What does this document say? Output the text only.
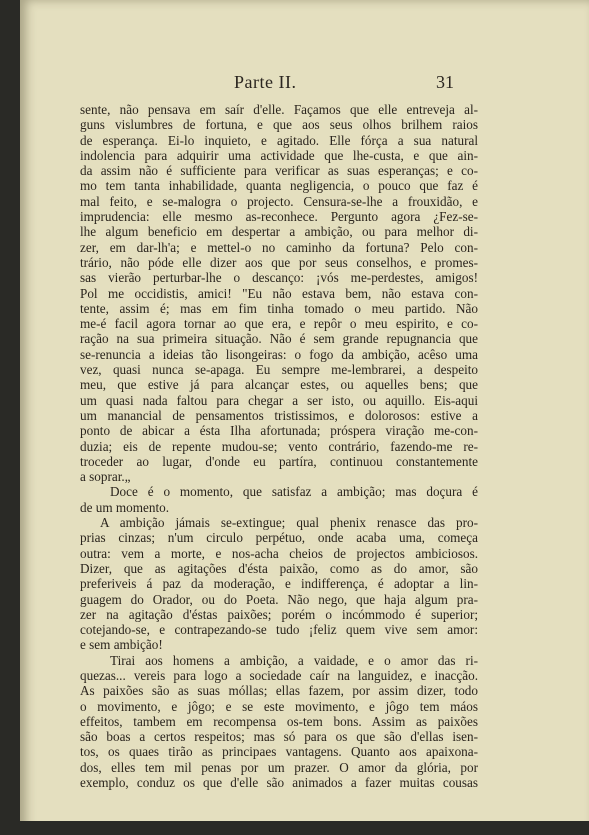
Parte II.	31
sente, não pensava em saír d'elle. Façamos que elle entreveja al-
guns vislumbres de fortuna, e que aos seus olhos brilhem raios
de esperança. Ei-lo inquieto, e agitado. Elle fórça a sua natural
indolencia para adquirir uma actividade que lhe-custa, e que ain-
da assim não é sufficiente para verificar as suas esperanças; e co-
mo tem tanta inhabilidade, quanta negligencia, o pouco que faz é
mal feito, e se-malogra o projecto. Censura-se-lhe a frouxidão, e
imprudencia: elle mesmo as-reconhece. Pergunto agora ¿Fez-se-
lhe algum beneficio em despertar a ambição, ou para melhor di-
zer, em dar-lh'a; e mettel-o no caminho da fortuna? Pelo con-
trário, não póde elle dizer aos que por seus conselhos, e promes-
sas vierão perturbar-lhe o descanço: ¡vós me-perdestes, amigos!
Pol me occidistis, amici! "Eu não estava bem, não estava con-
tente, assim é; mas em fim tinha tomado o meu partido. Não
me-é facil agora tornar ao que era, e repôr o meu espirito, e co-
ração na sua primeira situação. Não é sem grande repugnancia que
se-renuncia a ideias tão lisongeiras: o fogo da ambição, acêso uma
vez, quasi nunca se-apaga. Eu sempre me-lembrarei, a despeito
meu, que estive já para alcançar estes, ou aquelles bens; que
um quasi nada faltou para chegar a ser isto, ou aquillo. Eis-aqui
um manancial de pensamentos tristissimos, e dolorosos: estive a
ponto de abicar a ésta Ilha afortunada; próspera viração me-con-
duzia; eis de repente mudou-se; vento contrário, fazendo-me re-
troceder ao lugar, d'onde eu partíra, continuou constantemente
a soprar.„
Doce é o momento, que satisfaz a ambição; mas doçura é
de um momento.
A ambição jámais se-extingue; qual phenix renasce das pro-
prias cinzas; n'um circulo perpétuo, onde acaba uma, começa
outra: vem a morte, e nos-acha cheios de projectos ambiciosos.
Dizer, que as agitações d'ésta paixão, como as do amor, são
preferiveis á paz da moderação, e indifferença, é adoptar a lin-
guagem do Orador, ou do Poeta. Não nego, que haja algum pra-
zer na agitação d'éstas paixões; porém o incómmodo é superior;
cotejando-se, e contrapezando-se tudo ¡feliz quem vive sem amor:
e sem ambição!
Tirai aos homens a ambição, a vaidade, e o amor das ri-
quezas... vereis para logo a sociedade caír na languidez, e inacção.
As paixões são as suas móllas; ellas fazem, por assim dizer, todo
o movimento, e jôgo; e se este movimento, e jôgo tem máos
effeitos, tambem em recompensa os-tem bons. Assim as paixões
são boas a certos respeitos; mas só para os que são d'ellas isen-
tos, os quaes tirão as principaes vantagens. Quanto aos apaixona-
dos, elles tem mil penas por um prazer. O amor da glória, por
exemplo, conduz os que d'elle são animados a fazer muitas cousas
